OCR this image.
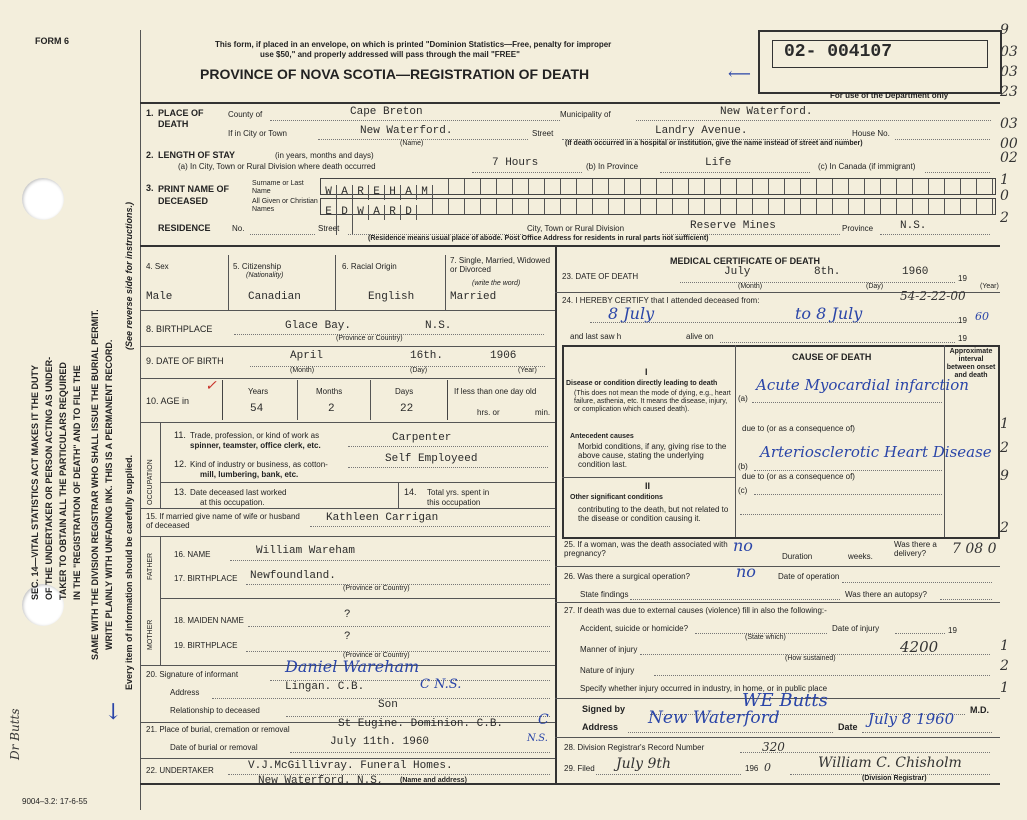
SEC. 14—VITAL STATISTICS ACT MAKES IT THE DUTY OF THE UNDERTAKER OR PERSON ACTING AS UNDER- TAKER TO OBTAIN ALL THE PARTICULARS REQUIRED IN THE "REGISTRATION OF DEATH" AND TO FILE THE SAME WITH THE DIVISION REGISTRAR WHO SHALL ISSUE THE BURIAL PERMIT. WRITE PLAINLY WITH UNFADING INK. THIS IS A PERMANENT RECORD. Every item of information should be carefully supplied.
(See reverse side for instructions.)
Dr Butts	↓
9004–3.2: 17-6-55
FORM 6	This form, if placed in an envelope, on which is printed "Dominion Statistics—Free, penalty for improper
use $50," and properly addressed will pass through the mail "FREE"
PROVINCE OF NOVA SCOTIA—REGISTRATION OF DEATH	⟵
02- 004107
For use of the Department only
9
03
03
23
03
00
02
1
0
2
1
2
9
2
1
2
1
1. PLACE OF DEATH
County of	Cape Breton	Municipality of	New Waterford.
If in City or Town	New Waterford.
(Name)
Street	Landry Avenue.	House No.
(If death occurred in a hospital or institution, give the name instead of street and number)
2. LENGTH OF STAY	(in years, months and days)
(a) In City, Town or Rural Division where death occurred	7 Hours	(b) In Province	Life	(c) In Canada (if immigrant)
3. PRINT NAME OF DECEASED
Surname or Last Name
All Given or Christian Names
W A R E H A M
E D W A R D
RESIDENCE	No.	Street	City, Town or Rural Division	Reserve Mines	Province N.S.
(Residence means usual place of abode. Post Office Address for residents in rural parts not sufficient)
4. Sex
Male
5. Citizenship
(Nationality)
Canadian
6. Racial Origin
English
7. Single, Married, Widowed or Divorced
(write the word)
Married
8. BIRTHPLACE	Glace Bay.	N.S.
(Province or Country)
9. DATE OF BIRTH	April	16th.	1906
(Month)	(Day)	(Year)
10. AGE in
✓	Years	Months	Days
54	2	22
If less than one day old
hrs. or	min.
OCCUPATION
11. Trade, profession, or kind of work as
spinner, teamster, office clerk, etc.
Carpenter
12. Kind of industry or business, as cotton-
mill, lumbering, bank, etc.
Self Employeed
13. Date deceased last worked
at this occupation.
14. Total yrs. spent in
this occupation
15. If married give name of wife or husband of deceased
Kathleen Carrigan
FATHER	16. NAME	William Wareham
17. BIRTHPLACE Newfoundland.
(Province or Country)
MOTHER	18. MAIDEN NAME	?
19. BIRTHPLACE
?
(Province or Country)
20. Signature of informant	Daniel Wareham
Address	Lingan. C.B.	C N.S.
Relationship to deceased	Son
21. Place of burial, cremation or removal	St Eugine. Dominion. C.B. C
Date of burial or removal	July 11th. 1960	N.S.
22. UNDERTAKER	V.J.McGillivray. Funeral Homes.
New Waterford. N.S, (Name and address)
MEDICAL CERTIFICATE OF DEATH
23. DATE OF DEATH	July	8th.	1960
19
(Month)	(Day)	(Year)
24. I HEREBY CERTIFY that I attended deceased from:	54-2-22-00
8 July	to 8 July	60
19
and last saw h	alive on	19
CAUSE OF DEATH
Approximate interval between onset and death
I
Disease or condition directly leading to death
(This does not mean the mode of dying, e.g., heart failure, asthenia, etc. It means the disease, injury, or complication which caused death).
(a)
Acute Myocardial infarction
due to (or as a consequence of)
Antecedent causes
Morbid conditions, if any, giving rise to the above cause, stating the underlying condition last.	(b)
Arteriosclerotic Heart Disease
due to (or as a consequence of)
(c)
II
Other significant conditions
contributing to the death, but not related to the disease or condition causing it.
25. If a woman, was the death associated with pregnancy?	no
Duration	weeks.
Was there a delivery?	7 08 0
26. Was there a surgical operation?	no	Date of operation
State findings	Was there an autopsy?
27. If death was due to external causes (violence) fill in also the following:-
Accident, suicide or homicide?
(State which)
Date of injury	19
Manner of injury	4200
(How sustained)
Nature of injury
Specify whether injury occurred in industry, in home, or in public place
Signed by	WE Butts	M.D.
Address New Waterford	Date July 8 1960
28. Division Registrar's Record Number	320
29. Filed July 9th	196 0	William C. Chisholm
(Division Registrar)
